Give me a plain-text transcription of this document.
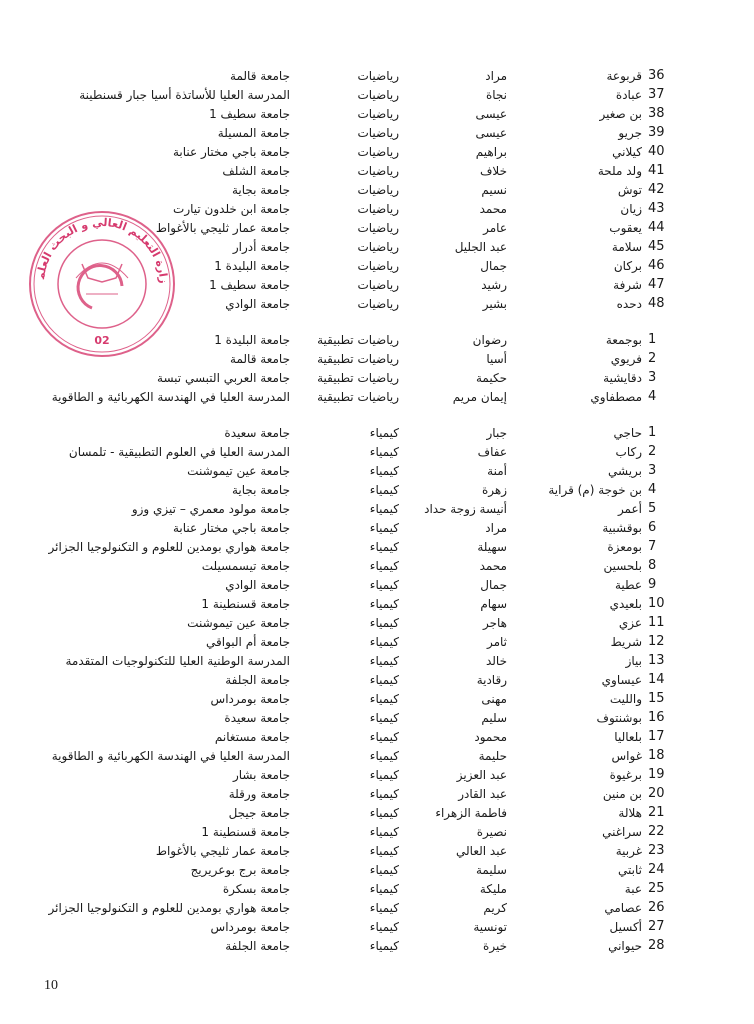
36
قربوعة
مراد
رياضيات
جامعة قالمة
37
عبادة
نجاة
رياضيات
المدرسة العليا للأساتذة أسيا جبار قسنطينة
38
بن صغير
عيسى
رياضيات
جامعة سطيف 1
39
جريو
عيسى
رياضيات
جامعة المسيلة
40
كيلاني
براهيم
رياضيات
جامعة باجي مختار عنابة
41
ولد ملحة
خلاف
رياضيات
جامعة الشلف
42
توش
نسيم
رياضيات
جامعة بجاية
43
زيان
محمد
رياضيات
جامعة ابن خلدون تيارت
44
يعقوب
عامر
رياضيات
جامعة عمار ثليجي بالأغواط
45
سلامة
عبد الجليل
رياضيات
جامعة أدرار
46
بركان
جمال
رياضيات
جامعة البليدة 1
47
شرفة
رشيد
رياضيات
جامعة سطيف 1
48
دحده
بشير
رياضيات
جامعة الوادي
1
بوجمعة
رضوان
رياضيات تطبيقية
جامعة البليدة 1
2
فريوي
أسيا
رياضيات تطبيقية
جامعة قالمة
3
دقايشية
حكيمة
رياضيات تطبيقية
جامعة العربي التبسي تبسة
4
مصطفاوي
إيمان مريم
رياضيات تطبيقية
المدرسة العليا في الهندسة الكهربائية و الطاقوية
1
حاجي
جبار
كيمياء
جامعة سعيدة
2
ركاب
عفاف
كيمياء
المدرسة العليا في العلوم التطبيقية - تلمسان
3
بريشي
أمنة
كيمياء
جامعة عين تيموشنت
4
بن خوجة (م) قراية
زهرة
كيمياء
جامعة بجاية
5
أعمر
أنيسة زوجة حداد
كيمياء
جامعة مولود معمري – تيزي وزو
6
بوقشبية
مراد
كيمياء
جامعة باجي مختار عنابة
7
بومعزة
سهيلة
كيمياء
جامعة هواري بومدين للعلوم و التكنولوجيا الجزائر
8
بلحسين
محمد
كيمياء
جامعة تيسمسيلت
9
عطية
جمال
كيمياء
جامعة الوادي
10
بلعيدي
سهام
كيمياء
جامعة قسنطينة 1
11
عزي
هاجر
كيمياء
جامعة عين تيموشنت
12
شريط
ثامر
كيمياء
جامعة أم البواقي
13
بياز
خالد
كيمياء
المدرسة الوطنية العليا للتكنولوجيات المتقدمة
14
عيساوي
رقادية
كيمياء
جامعة الجلفة
15
والليت
مهنى
كيمياء
جامعة بومرداس
16
بوشنتوف
سليم
كيمياء
جامعة سعيدة
17
بلعاليا
محمود
كيمياء
جامعة مستغانم
18
غواس
حليمة
كيمياء
المدرسة العليا في الهندسة الكهربائية و الطاقوية
19
برغيوة
عبد العزيز
كيمياء
جامعة بشار
20
بن منين
عبد القادر
كيمياء
جامعة ورقلة
21
هلالة
فاطمة الزهراء
كيمياء
جامعة جيجل
22
سراغني
نصيرة
كيمياء
جامعة قسنطينة 1
23
غربية
عبد العالي
كيمياء
جامعة عمار ثليجي بالأغواط
24
ثابتي
سليمة
كيمياء
جامعة برج بوعريريج
25
عبة
مليكة
كيمياء
جامعة بسكرة
26
عصامي
كريم
كيمياء
جامعة هواري بومدين للعلوم و التكنولوجيا الجزائر
27
أكسيل
تونسية
كيمياء
جامعة بومرداس
28
حيواني
خيرة
كيمياء
جامعة الجلفة
زارة التعليم العالي و البحث العلم
02
10
